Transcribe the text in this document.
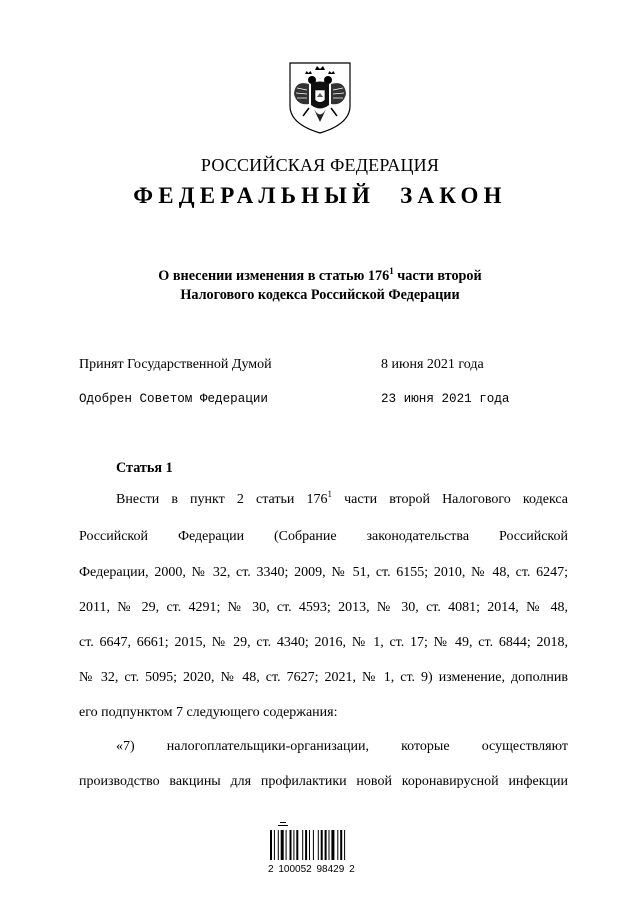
РОССИЙСКАЯ ФЕДЕРАЦИЯ
ФЕДЕРАЛЬНЫЙ ЗАКОН
О внесении изменения в статью $176^1$ части второй
Налогового кодекса Российской Федерации
Принят Государственной Думой	8 июня 2021 года
Одобрен Советом Федерации	23 июня 2021 года
Статья 1
Внести в пункт 2 статьи $176^1$ части второй Налогового кодекса
Российской Федерации (Собрание законодательства Российской
Федерации, 2000, № 32, ст. 3340; 2009, № 51, ст. 6155; 2010, № 48, ст. 6247;
2011, № 29, ст. 4291; № 30, ст. 4593; 2013, № 30, ст. 4081; 2014, № 48,
ст. 6647, 6661; 2015, № 29, ст. 4340; 2016, № 1, ст. 17; № 49, ст. 6844; 2018,
№ 32, ст. 5095; 2020, № 48, ст. 7627; 2021, № 1, ст. 9) изменение, дополнив
его подпунктом 7 следующего содержания:
«7) налогоплательщики-организации, которые осуществляют
производство вакцины для профилактики новой коронавирусной инфекции
2 100052 98429 2
